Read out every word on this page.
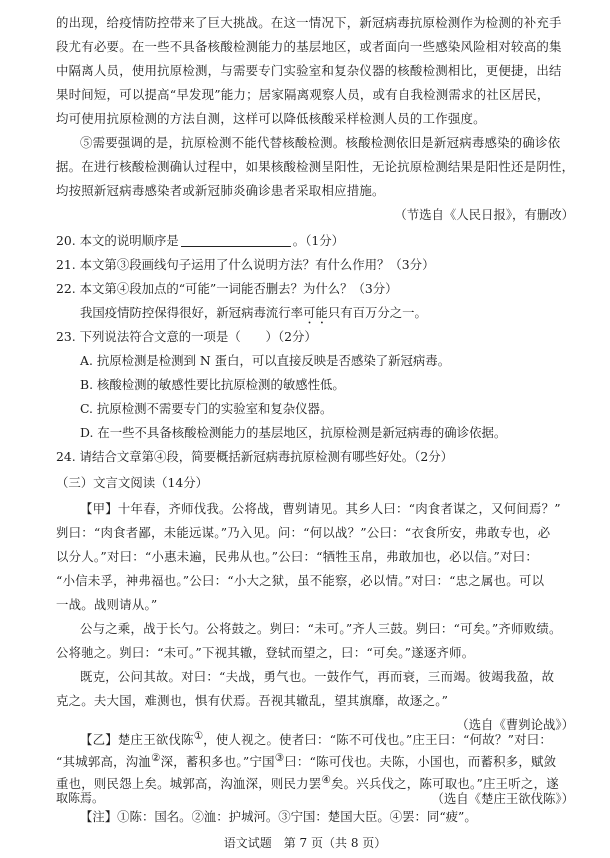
的出现，给疫情防控带来了巨大挑战。在这一情况下，新冠病毒抗原检测作为检测的补充手
段尤有必要。在一些不具备核酸检测能力的基层地区，或者面向一些感染风险相对较高的集
中隔离人员，使用抗原检测，与需要专门实验室和复杂仪器的核酸检测相比，更便捷，出结
果时间短，可以提高“早发现”能力；居家隔离观察人员，或有自我检测需求的社区居民，
均可使用抗原检测的方法自测，这样可以降低核酸采样检测人员的工作强度。
⑤需要强调的是，抗原检测不能代替核酸检测。核酸检测依旧是新冠病毒感染的确诊依
据。在进行核酸检测确认过程中，如果核酸检测呈阳性，无论抗原检测结果是阳性还是阴性，
均按照新冠病毒感染者或新冠肺炎确诊患者采取相应措施。
（节选自《人民日报》，有删改）
20. 本文的说明顺序是	。（1分）
21. 本文第③段画线句子运用了什么说明方法？有什么作用？（3分）
22. 本文第④段加点的“可能”一词能否删去？为什么？（3分）
我国疫情防控保得很好，新冠病毒流行率可能只有百万分之一。
23. 下列说法符合文意的一项是（　　）（2分）
A. 抗原检测是检测到 N 蛋白，可以直接反映是否感染了新冠病毒。
B. 核酸检测的敏感性要比抗原检测的敏感性低。
C. 抗原检测不需要专门的实验室和复杂仪器。
D. 在一些不具备核酸检测能力的基层地区，抗原检测是新冠病毒的确诊依据。
24. 请结合文章第④段，简要概括新冠病毒抗原检测有哪些好处。（2分）
（三）文言文阅读（14分）
【甲】十年春，齐师伐我。公将战，曹刿请见。其乡人曰：“肉食者谋之，又何间焉？”
刿曰：“肉食者鄙，未能远谋。”乃入见。问：“何以战？”公曰：“衣食所安，弗敢专也，必
以分人。”对曰：“小惠未遍，民弗从也。”公曰：“牺牲玉帛，弗敢加也，必以信。”对曰：
“小信未孚，神弗福也。”公曰：“小大之狱，虽不能察，必以情。”对曰：“忠之属也。可以
一战。战则请从。”
公与之乘，战于长勺。公将鼓之。刿曰：“未可。”齐人三鼓。刿曰：“可矣。”齐师败绩。
公将驰之。刿曰：“未可。”下视其辙，登轼而望之，曰：“可矣。”遂逐齐师。
既克，公问其故。对曰：“夫战，勇气也。一鼓作气，再而衰，三而竭。彼竭我盈，故
克之。夫大国，难测也，惧有伏焉。吾视其辙乱，望其旗靡，故逐之。”
（选自《曹刿论战》）
【乙】楚庄王欲伐陈①，使人视之。使者曰：“陈不可伐也。”庄王曰：“何故？”对曰：
“其城郭高，沟洫②深，蓄积多也。”宁国③曰：“陈可伐也。夫陈，小国也，而蓄积多，赋敛
重也，则民怨上矣。城郭高，沟洫深，则民力罢④矣。兴兵伐之，陈可取也。”庄王听之，遂
取陈焉。
语文试题　第 7 页（共 8 页）
（选自《楚庄王欲伐陈》）
【注】①陈：国名。②洫：护城河。③宁国：楚国大臣。④罢：同“疲”。
